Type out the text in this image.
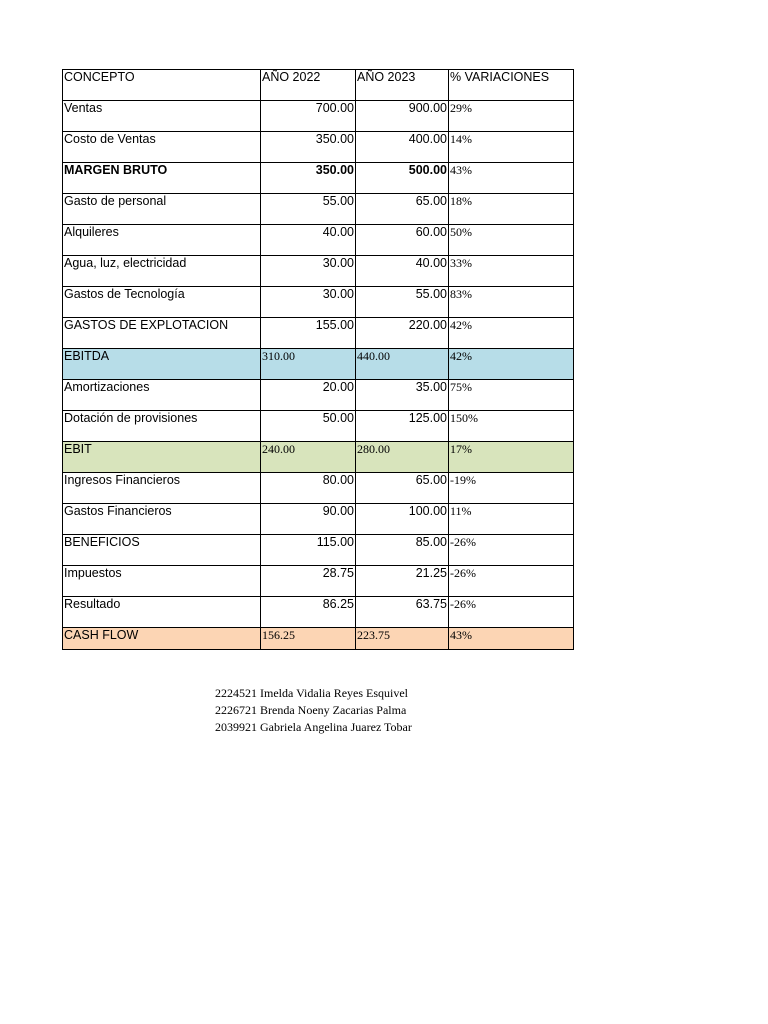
CONCEPTO	AÑO 2022	AÑO 2023	% VARIACIONES
Ventas	700.00	900.00	29%
Costo de Ventas	350.00	400.00	14%
MARGEN BRUTO	350.00	500.00	43%
Gasto de personal	55.00	65.00	18%
Alquileres	40.00	60.00	50%
Agua, luz, electricidad	30.00	40.00	33%
Gastos de Tecnología	30.00	55.00	83%
GASTOS DE EXPLOTACION	155.00	220.00	42%
EBITDA	310.00	440.00	42%
Amortizaciones	20.00	35.00	75%
Dotación de provisiones	50.00	125.00	150%
EBIT	240.00	280.00	17%
Ingresos Financieros	80.00	65.00	-19%
Gastos Financieros	90.00	100.00	11%
BENEFICIOS	115.00	85.00	-26%
Impuestos	28.75	21.25	-26%
Resultado	86.25	63.75	-26%
CASH FLOW	156.25	223.75	43%
2224521 Imelda Vidalia Reyes Esquivel
2226721 Brenda Noeny Zacarias Palma
2039921 Gabriela Angelina Juarez Tobar
